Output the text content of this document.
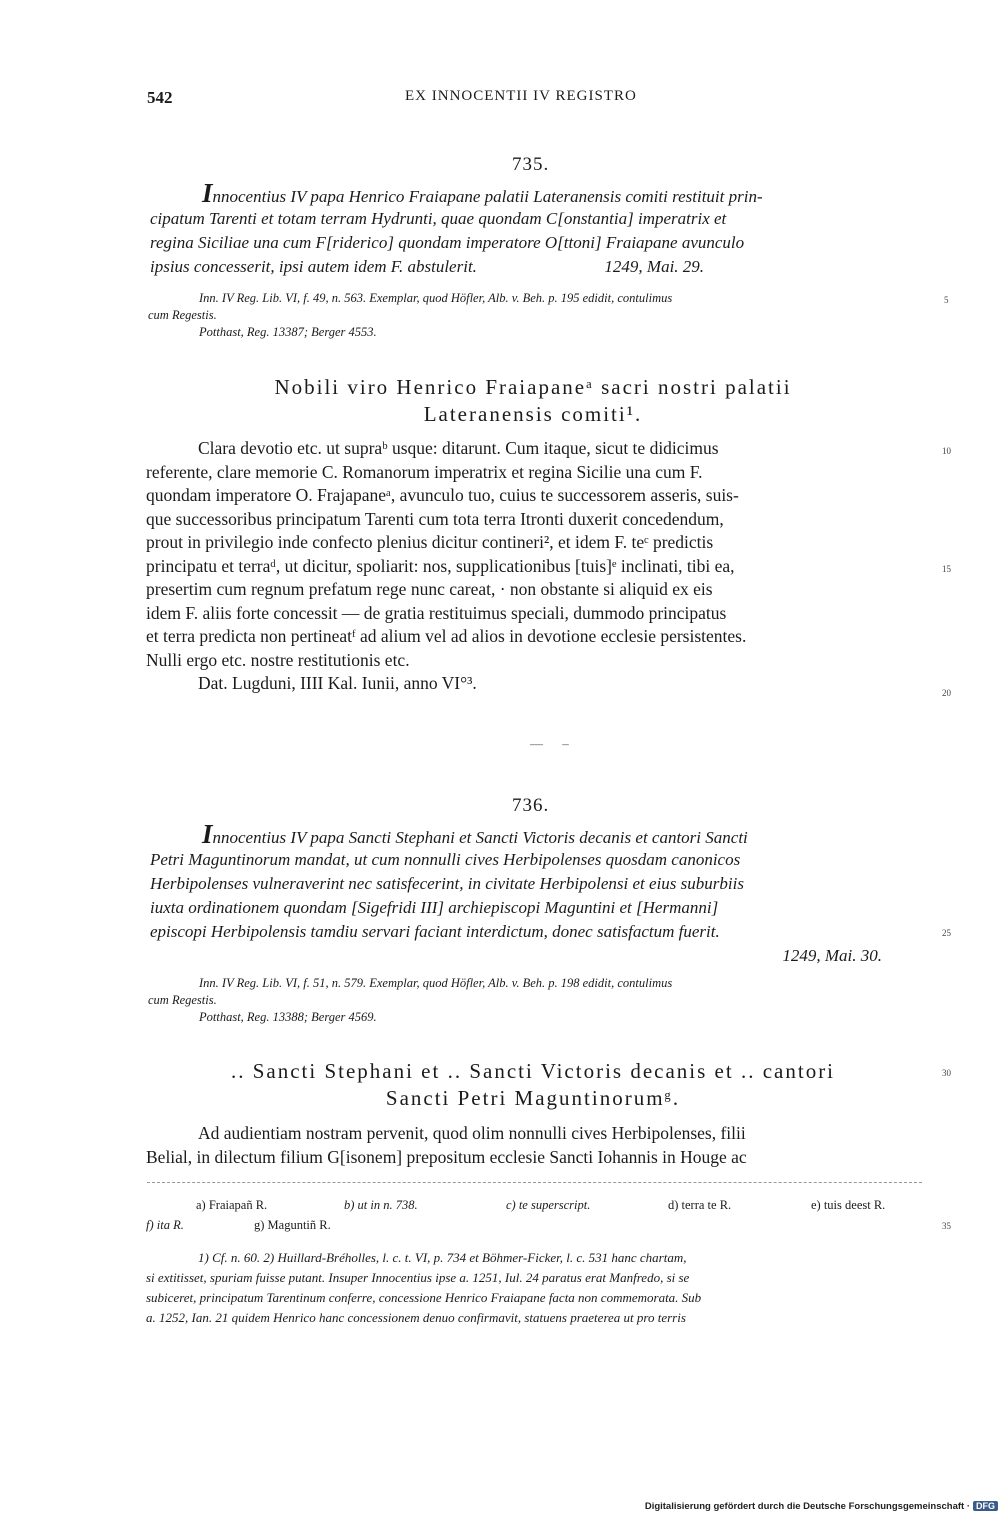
542	EX INNOCENTII IV REGISTRO
735.

Innocentius IV papa Henrico Fraiapane palatii Lateranensis comiti restituit prin-

cipatum Tarenti et totam terram Hydrunti, quae quondam C[onstantia] imperatrix et

regina Siciliae una cum F[riderico] quondam imperatore O[ttoni] Fraiapane avunculo

ipsius concesserit, ipsi autem idem F. abstulerit.                              1249, Mai. 29.

Inn. IV Reg. Lib. VI, f. 49, n. 563. Exemplar, quod Höfler, Alb. v. Beh. p. 195 edidit, contulimus
cum Regestis.
Potthast, Reg. 13387; Berger 4553.
5
Nobili viro Henrico Fraiapaneᵃ sacri nostri palatii
Lateranensis comiti¹.
Clara devotio etc. ut supraᵇ usque: ditarunt. Cum itaque, sicut te didicimus
referente, clare memorie C. Romanorum imperatrix et regina Sicilie una cum F.
quondam imperatore O. Frajapaneᵃ, avunculo tuo, cuius te successorem asseris, suis-
que successoribus principatum Tarenti cum tota terra Itronti duxerit concedendum,
prout in privilegio inde confecto plenius dicitur contineri², et idem F. teᶜ predictis
principatu et terraᵈ, ut dicitur, spoliarit: nos, supplicationibus [tuis]ᵉ inclinati, tibi ea,
presertim cum regnum prefatum rege nunc careat, · non obstante si aliquid ex eis
idem F. aliis forte concessit — de gratia restituimus speciali, dummodo principatus
et terra predicta non pertineatᶠ ad alium vel ad alios in devotione ecclesie persistentes.
Nulli ergo etc. nostre restitutionis etc.
Dat. Lugduni, IIII Kal. Iunii, anno VI°³.
10
15
20
— –
736.

Innocentius IV papa Sancti Stephani et Sancti Victoris decanis et cantori Sancti

Petri Maguntinorum mandat, ut cum nonnulli cives Herbipolenses quosdam canonicos

Herbipolenses vulneraverint nec satisfecerint, in civitate Herbipolensi et eius suburbiis

iuxta ordinationem quondam [Sigefridi III] archiepiscopi Maguntini et [Hermanni]

episcopi Herbipolensis tamdiu servari faciant interdictum, donec satisfactum fuerit.

1249, Mai. 30.

25
Inn. IV Reg. Lib. VI, f. 51, n. 579. Exemplar, quod Höfler, Alb. v. Beh. p. 198 edidit, contulimus
cum Regestis.
Potthast, Reg. 13388; Berger 4569.
.. Sancti Stephani et .. Sancti Victoris decanis et .. cantori
Sancti Petri Maguntinorumᵍ.
30
Ad audientiam nostram pervenit, quod olim nonnulli cives Herbipolenses, filii
Belial, in dilectum filium G[isonem] prepositum ecclesie Sancti Iohannis in Houge ac
a) Fraiapañ R.	b) ut in n. 738.	c) te superscript.	d) terra te R.	e) tuis deest R.
f) ita R.	g) Maguntiñ R.	35
1) Cf. n. 60. 2) Huillard-Bréholles, l. c. t. VI, p. 734 et Böhmer-Ficker, l. c. 531 hanc chartam,
si extitisset, spuriam fuisse putant. Insuper Innocentius ipse a. 1251, Iul. 24 paratus erat Manfredo, si se
subiceret, principatum Tarentinum conferre, concessione Henrico Fraiapane facta non commemorata. Sub
a. 1252, Ian. 21 quidem Henrico hanc concessionem denuo confirmavit, statuens praeterea ut pro terris
Digitalisierung gefördert durch die Deutsche Forschungsgemeinschaft · DFG
